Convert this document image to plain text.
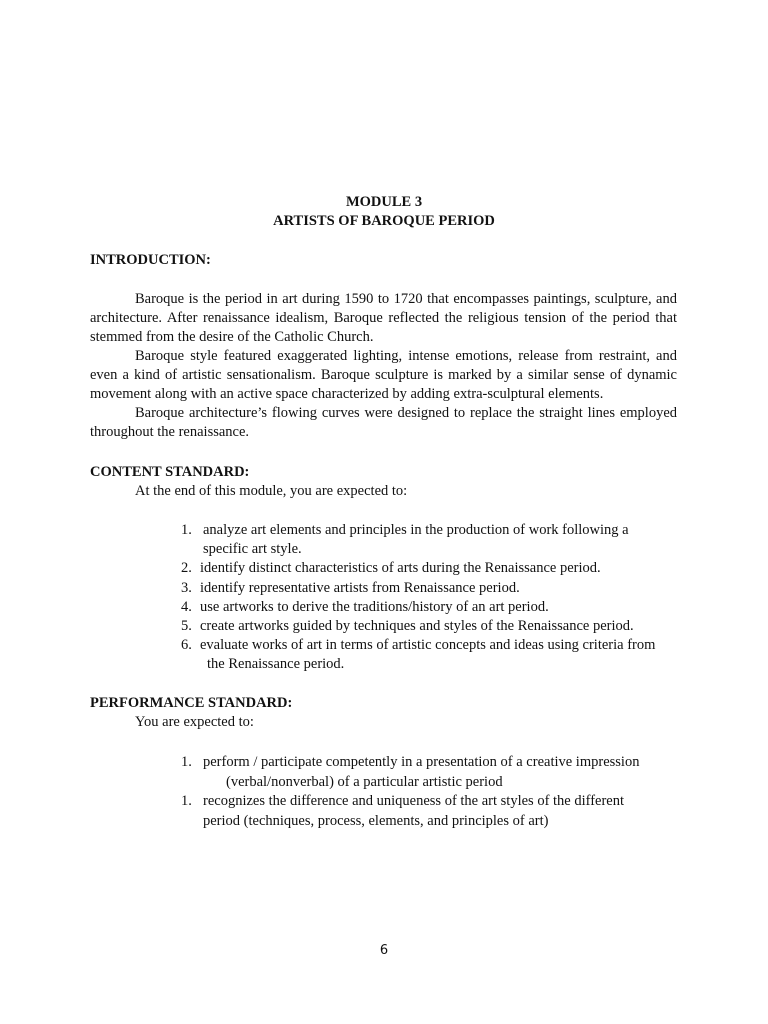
MODULE 3
ARTISTS OF BAROQUE PERIOD
INTRODUCTION:

Baroque is the period in art during 1590 to 1720 that encompasses paintings, sculpture, and architecture. After renaissance idealism, Baroque reflected the religious tension of the period that stemmed from the desire of the Catholic Church.

Baroque style featured exaggerated lighting, intense emotions, release from restraint, and even a kind of artistic sensationalism. Baroque sculpture is marked by a similar sense of dynamic movement along with an active space characterized by adding extra-sculptural elements.

Baroque architecture’s flowing curves were designed to replace the straight lines employed throughout the renaissance.

CONTENT STANDARD:
At the end of this module, you are expected to:
1. analyze art elements and principles in the production of work following a
specific art style.
2. identify distinct characteristics of arts during the Renaissance period.
3. identify representative artists from Renaissance period.
4. use artworks to derive the traditions/history of an art period.
5. create artworks guided by techniques and styles of the Renaissance period.
6. evaluate works of art in terms of artistic concepts and ideas using criteria from
the Renaissance period.
PERFORMANCE STANDARD:
You are expected to:
1. perform / participate competently in a presentation of a creative impression
(verbal/nonverbal) of a particular artistic period
1. recognizes the difference and uniqueness of the art styles of the different
period (techniques, process, elements, and principles of art)
6
